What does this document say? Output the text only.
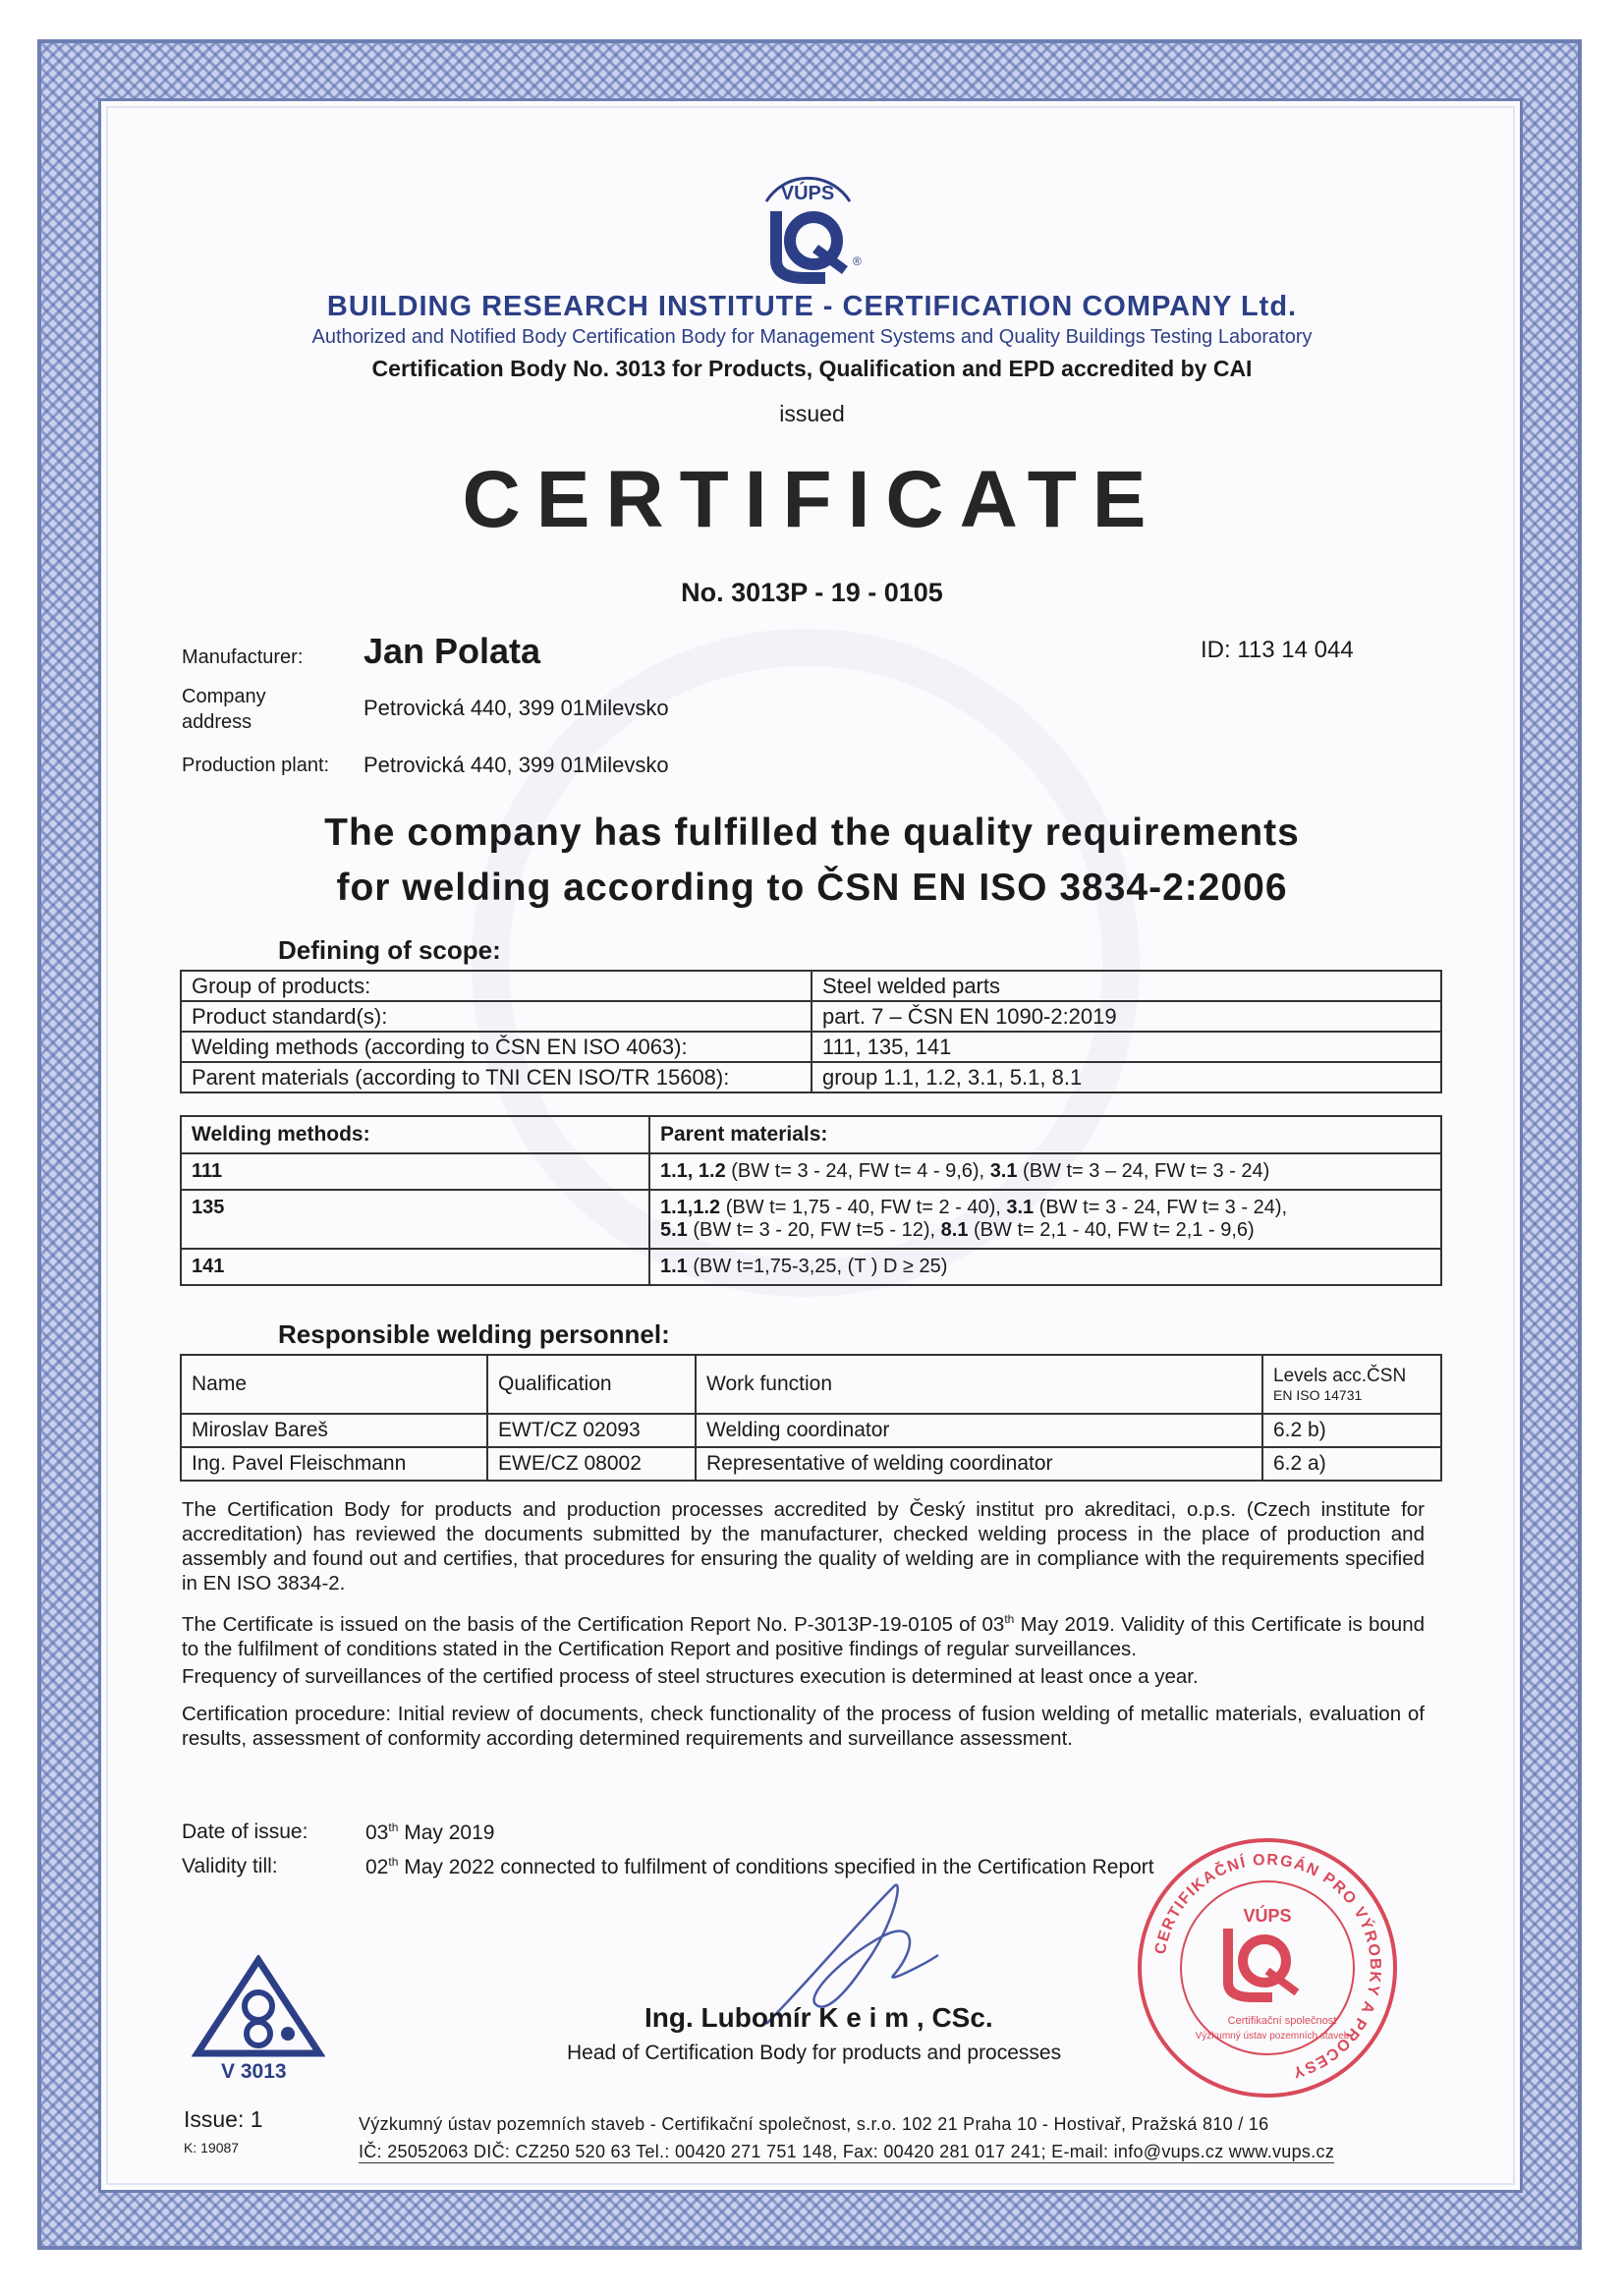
VÚPS
®
BUILDING RESEARCH INSTITUTE - CERTIFICATION COMPANY Ltd.
Authorized and Notified Body Certification Body for Management Systems and Quality Buildings Testing Laboratory
Certification Body No. 3013 for Products, Qualification and EPD accredited by CAI
issued
CERTIFICATE
No. 3013P - 19 - 0105
Manufacturer: Jan Polata	ID: 113 14 044
Company
address
Petrovická 440, 399 01Milevsko
Production plant: Petrovická 440, 399 01Milevsko
The company has fulfilled the quality requirements
for welding according to ČSN EN ISO 3834-2:2006
Defining of scope:
Group of products:	Steel welded parts
Product standard(s):	part. 7 – ČSN EN 1090-2:2019
Welding methods (according to ČSN EN ISO 4063):	111, 135, 141
Parent materials (according to TNI CEN ISO/TR 15608):	group 1.1, 1.2, 3.1, 5.1, 8.1
Welding methods:	Parent materials:
111	1.1, 1.2 (BW t= 3 - 24, FW t= 4 - 9,6), 3.1 (BW t= 3 – 24, FW t= 3 - 24)
135	1.1,1.2 (BW t= 1,75 - 40, FW t= 2 - 40), 3.1 (BW t= 3 - 24, FW t= 3 - 24),
5.1 (BW t= 3 - 20, FW t=5 - 12), 8.1 (BW t= 2,1 - 40, FW t= 2,1 - 9,6)
141	1.1 (BW t=1,75-3,25, (T ) D ≥ 25)
Responsible welding personnel:
Name	Qualification	Work function	Levels acc.ČSN
EN ISO 14731

Miroslav Bareš	EWT/CZ 02093	Welding coordinator	6.2 b)
Ing. Pavel Fleischmann	EWE/CZ 08002	Representative of welding coordinator	6.2 a)
The Certification Body for products and production processes accredited by Český institut pro akreditaci, o.p.s. (Czech institute for accreditation) has reviewed the documents submitted by the manufacturer, checked welding process in the place of production and assembly and found out and certifies, that procedures for ensuring the quality of welding are in compliance with the requirements specified in EN ISO 3834-2.
The Certificate is issued on the basis of the Certification Report No. P-3013P-19-0105 of 03th May 2019. Validity of this Certificate is bound to the fulfilment of conditions stated in the Certification Report and positive findings of regular surveillances.
Frequency of surveillances of the certified process of steel structures execution is determined at least once a year.
Certification procedure: Initial review of documents, check functionality of the process of fusion welding of metallic materials, evaluation of results, assessment of conformity according determined requirements and surveillance assessment.
Date of issue:	03th May 2019
Validity till:	02th May 2022 connected to fulfilment of conditions specified in the Certification Report
Ing. Lubomír K e i m , CSc.
Head of Certification Body for products and processes
V 3013
Issue: 1
K: 19087
CERTIFIKAČNÍ ORGÁN PRO VÝROBKY A PROCESY
VÚPS
Certifikační společnost
Výzkumný ústav pozemních staveb
Výzkumný ústav pozemních staveb - Certifikační společnost, s.r.o. 102 21 Praha 10 - Hostivař, Pražská 810 / 16
IČ: 25052063 DIČ: CZ250 520 63 Tel.: 00420 271 751 148, Fax: 00420 281 017 241; E-mail: info@vups.cz www.vups.cz
